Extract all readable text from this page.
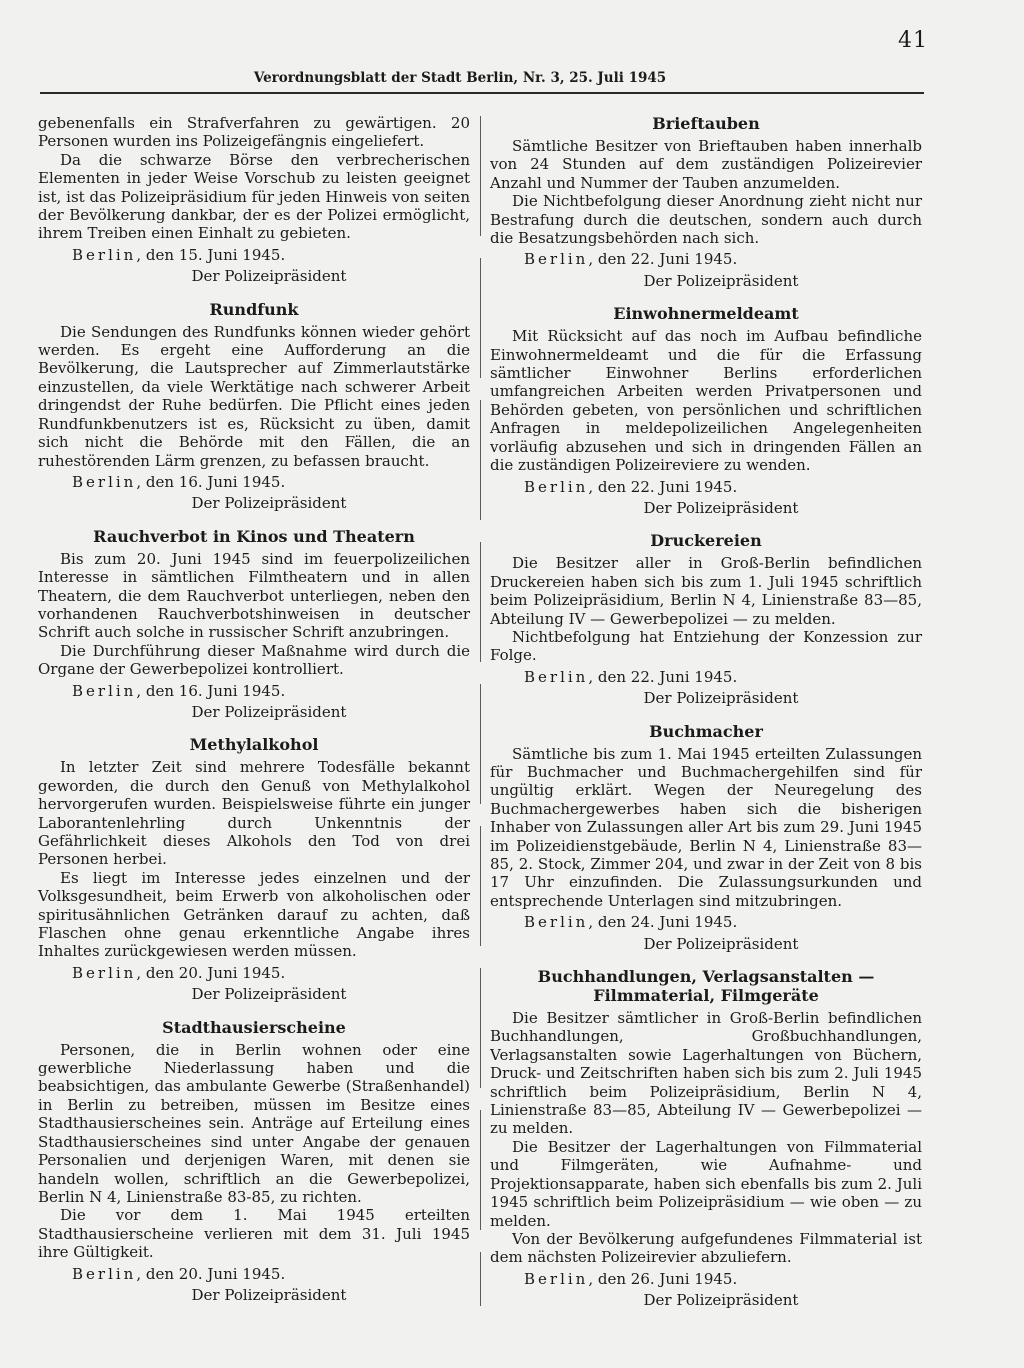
41
Verordnungsblatt der Stadt Berlin, Nr. 3, 25. Juli 1945

gebenenfalls ein Strafverfahren zu gewärtigen. 20 Personen wurden ins Polizeigefängnis eingeliefert.

Da die schwarze Börse den verbrecherischen Elementen in jeder Weise Vorschub zu leisten geeignet ist, ist das Polizeipräsidium für jeden Hinweis von seiten der Bevölkerung dankbar, der es der Polizei ermöglicht, ihrem Treiben einen Einhalt zu gebieten.

Berlin, den 15. Juni 1945.

Der Polizeipräsident

Rundfunk

Die Sendungen des Rundfunks können wieder gehört werden. Es ergeht eine Aufforderung an die Bevölkerung, die Lautsprecher auf Zimmerlautstärke einzustellen, da viele Werktätige nach schwerer Arbeit dringendst der Ruhe bedürfen. Die Pflicht eines jeden Rundfunkbenutzers ist es, Rücksicht zu üben, damit sich nicht die Behörde mit den Fällen, die an ruhestörenden Lärm grenzen, zu befassen braucht.

Berlin, den 16. Juni 1945.

Der Polizeipräsident

Rauchverbot in Kinos und Theatern

Bis zum 20. Juni 1945 sind im feuerpolizeilichen Interesse in sämtlichen Filmtheatern und in allen Theatern, die dem Rauchverbot unterliegen, neben den vorhandenen Rauchverbotshinweisen in deutscher Schrift auch solche in russischer Schrift anzubringen.

Die Durchführung dieser Maßnahme wird durch die Organe der Gewerbepolizei kontrolliert.

Berlin, den 16. Juni 1945.

Der Polizeipräsident

Methylalkohol

In letzter Zeit sind mehrere Todesfälle bekannt geworden, die durch den Genuß von Methylalkohol hervorgerufen wurden. Beispielsweise führte ein junger Laborantenlehrling durch Unkenntnis der Gefährlichkeit dieses Alkohols den Tod von drei Personen herbei.

Es liegt im Interesse jedes einzelnen und der Volksgesundheit, beim Erwerb von alkoholischen oder spiritusähnlichen Getränken darauf zu achten, daß Flaschen ohne genau erkenntliche Angabe ihres Inhaltes zurückgewiesen werden müssen.

Berlin, den 20. Juni 1945.

Der Polizeipräsident

Stadthausierscheine

Personen, die in Berlin wohnen oder eine gewerbliche Niederlassung haben und die beabsichtigen, das ambulante Gewerbe (Straßenhandel) in Berlin zu betreiben, müssen im Besitze eines Stadthausierscheines sein. Anträge auf Erteilung eines Stadthausierscheines sind unter Angabe der genauen Personalien und derjenigen Waren, mit denen sie handeln wollen, schriftlich an die Gewerbepolizei, Berlin N 4, Linienstraße 83-85, zu richten.

Die vor dem 1. Mai 1945 erteilten Stadthausierscheine verlieren mit dem 31. Juli 1945 ihre Gültigkeit.

Berlin, den 20. Juni 1945.

Der Polizeipräsident

Brieftauben

Sämtliche Besitzer von Brieftauben haben innerhalb von 24 Stunden auf dem zuständigen Polizeirevier Anzahl und Nummer der Tauben anzumelden.

Die Nichtbefolgung dieser Anordnung zieht nicht nur Bestrafung durch die deutschen, sondern auch durch die Besatzungsbehörden nach sich.

Berlin, den 22. Juni 1945.

Der Polizeipräsident

Einwohnermeldeamt

Mit Rücksicht auf das noch im Aufbau befindliche Einwohnermeldeamt und die für die Erfassung sämtlicher Einwohner Berlins erforderlichen umfangreichen Arbeiten werden Privatpersonen und Behörden gebeten, von persönlichen und schriftlichen Anfragen in meldepolizeilichen Angelegenheiten vorläufig abzusehen und sich in dringenden Fällen an die zuständigen Polizeireviere zu wenden.

Berlin, den 22. Juni 1945.

Der Polizeipräsident

Druckereien

Die Besitzer aller in Groß-Berlin befindlichen Druckereien haben sich bis zum 1. Juli 1945 schriftlich beim Polizeipräsidium, Berlin N 4, Linienstraße 83—85, Abteilung IV — Gewerbepolizei — zu melden.

Nichtbefolgung hat Entziehung der Konzession zur Folge.

Berlin, den 22. Juni 1945.

Der Polizeipräsident

Buchmacher

Sämtliche bis zum 1. Mai 1945 erteilten Zulassungen für Buchmacher und Buchmachergehilfen sind für ungültig erklärt. Wegen der Neuregelung des Buchmachergewerbes haben sich die bisherigen Inhaber von Zulassungen aller Art bis zum 29. Juni 1945 im Polizeidienstgebäude, Berlin N 4, Linienstraße 83—85, 2. Stock, Zimmer 204, und zwar in der Zeit von 8 bis 17 Uhr einzufinden. Die Zulassungsurkunden und entsprechende Unterlagen sind mitzubringen.

Berlin, den 24. Juni 1945.

Der Polizeipräsident

Buchhandlungen, Verlagsanstalten — Filmmaterial, Filmgeräte

Die Besitzer sämtlicher in Groß-Berlin befindlichen Buchhandlungen, Großbuchhandlungen, Verlagsanstalten sowie Lagerhaltungen von Büchern, Druck- und Zeitschriften haben sich bis zum 2. Juli 1945 schriftlich beim Polizeipräsidium, Berlin N 4, Linienstraße 83—85, Abteilung IV — Gewerbepolizei — zu melden.

Die Besitzer der Lagerhaltungen von Filmmaterial und Filmgeräten, wie Aufnahme- und Projektionsapparate, haben sich ebenfalls bis zum 2. Juli 1945 schriftlich beim Polizeipräsidium — wie oben — zu melden.

Von der Bevölkerung aufgefundenes Filmmaterial ist dem nächsten Polizeirevier abzuliefern.

Berlin, den 26. Juni 1945.

Der Polizeipräsident
